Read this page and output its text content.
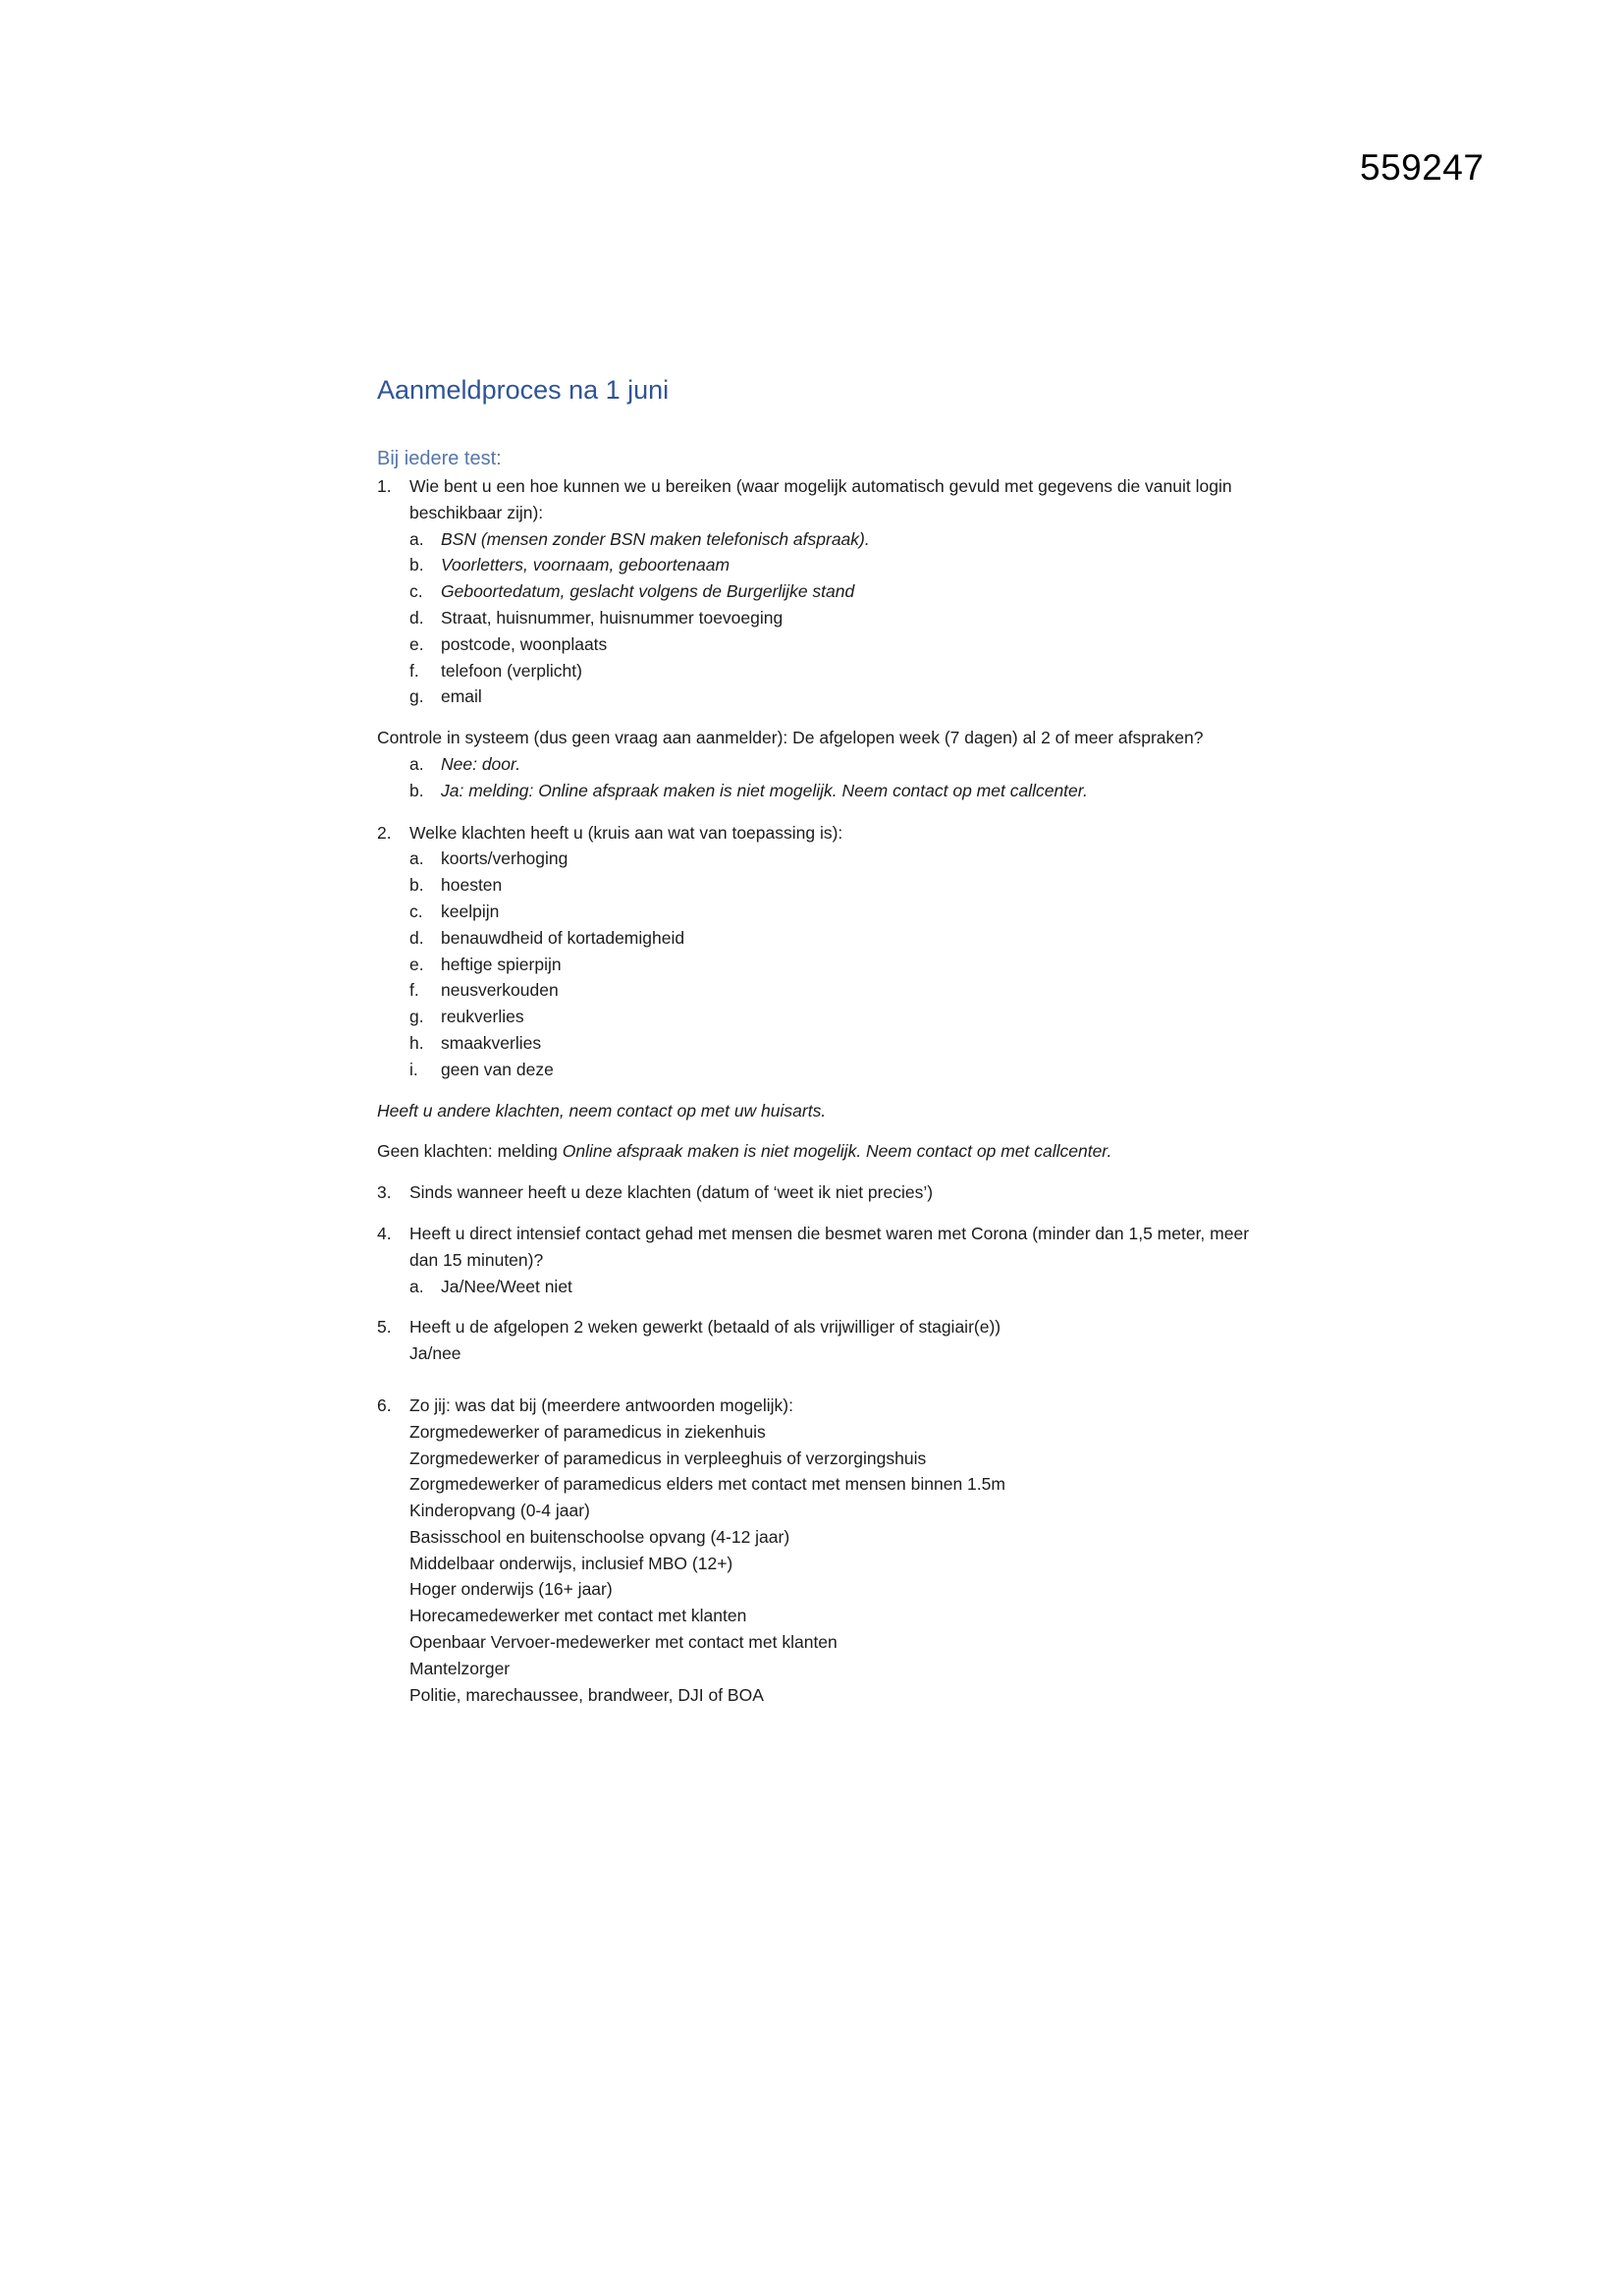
559247
Aanmeldproces na 1 juni
Bij iedere test:
1.	Wie bent u een hoe kunnen we u bereiken (waar mogelijk automatisch gevuld met gegevens die vanuit login beschikbaar zijn):
a. BSN (mensen zonder BSN maken telefonisch afspraak).
b. Voorletters, voornaam, geboortenaam
c. Geboortedatum, geslacht volgens de Burgerlijke stand
d. Straat, huisnummer, huisnummer toevoeging
e. postcode, woonplaats
f. telefoon (verplicht)
g. email
Controle in systeem (dus geen vraag aan aanmelder): De afgelopen week (7 dagen) al 2 of meer afspraken?
a. Nee: door.
b. Ja: melding: Online afspraak maken is niet mogelijk. Neem contact op met callcenter.
2.	Welke klachten heeft u (kruis aan wat van toepassing is):
a. koorts/verhoging
b. hoesten
c. keelpijn
d. benauwdheid of kortademigheid
e. heftige spierpijn
f. neusverkouden
g. reukverlies
h. smaakverlies
i. geen van deze
Heeft u andere klachten, neem contact op met uw huisarts.
Geen klachten: melding Online afspraak maken is niet mogelijk. Neem contact op met callcenter.
3.	Sinds wanneer heeft u deze klachten (datum of ‘weet ik niet precies’)
4.	Heeft u direct intensief contact gehad met mensen die besmet waren met Corona (minder dan 1,5 meter, meer dan 15 minuten)?
a. Ja/Nee/Weet niet
5.	Heeft u de afgelopen 2 weken gewerkt (betaald of als vrijwilliger of stagiair(e))
Ja/nee
6.	Zo jij: was dat bij (meerdere antwoorden mogelijk):
Zorgmedewerker of paramedicus in ziekenhuis
Zorgmedewerker of paramedicus in verpleeghuis of verzorgingshuis
Zorgmedewerker of paramedicus elders met contact met mensen binnen 1.5m
Kinderopvang (0-4 jaar)
Basisschool en buitenschoolse opvang (4-12 jaar)
Middelbaar onderwijs, inclusief MBO (12+)
Hoger onderwijs (16+ jaar)
Horecamedewerker met contact met klanten
Openbaar Vervoer-medewerker met contact met klanten
Mantelzorger
Politie, marechaussee, brandweer, DJI of BOA
